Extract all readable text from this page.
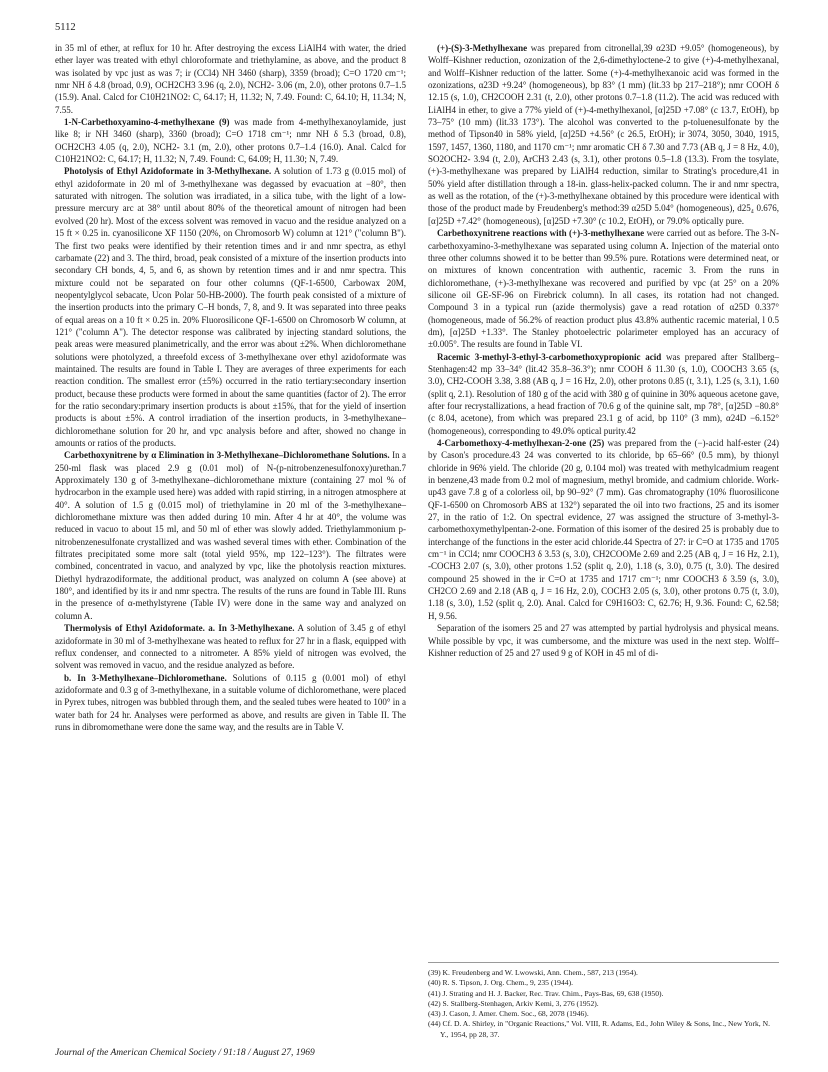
5112

in 35 ml of ether, at reflux for 10 hr. After destroying the excess LiAlH4 with water, the dried ether layer was treated with ethyl chloroformate and triethylamine, as above, and the product 8 was isolated by vpc just as was 7; ir (CCl4) NH 3460 (sharp), 3359 (broad); C=O 1720 cm⁻¹; nmr NH δ 4.8 (broad, 0.9), OCH2CH3 3.96 (q, 2.0), NCH2- 3.06 (m, 2.0), other protons 0.7–1.5 (15.9). Anal. Calcd for C10H21NO2: C, 64.17; H, 11.32; N, 7.49. Found: C, 64.10; H, 11.34; N, 7.55.

1-N-Carbethoxyamino-4-methylhexane (9) was made from 4-methylhexanoylamide, just like 8; ir NH 3460 (sharp), 3360 (broad); C=O 1718 cm⁻¹; nmr NH δ 5.3 (broad, 0.8), OCH2CH3 4.05 (q, 2.0), NCH2- 3.1 (m, 2.0), other protons 0.7–1.4 (16.0). Anal. Calcd for C10H21NO2: C, 64.17; H, 11.32; N, 7.49. Found: C, 64.09; H, 11.30; N, 7.49.

Photolysis of Ethyl Azidoformate in 3-Methylhexane. A solution of 1.73 g (0.015 mol) of ethyl azidoformate in 20 ml of 3-methylhexane was degassed by evacuation at −80°, then saturated with nitrogen. The solution was irradiated, in a silica tube, with the light of a low-pressure mercury arc at 38° until about 80% of the theoretical amount of nitrogen had been evolved (20 hr). Most of the excess solvent was removed in vacuo and the residue analyzed on a 15 ft × 0.25 in. cyanosilicone XF 1150 (20%, on Chromosorb W) column at 121° ("column B"). The first two peaks were identified by their retention times and ir and nmr spectra, as ethyl carbamate (22) and 3. The third, broad, peak consisted of a mixture of the insertion products into secondary CH bonds, 4, 5, and 6, as shown by retention times and ir and nmr spectra. This mixture could not be separated on four other columns (QF-1-6500, Carbowax 20M, neopentylglycol sebacate, Ucon Polar 50-HB-2000). The fourth peak consisted of a mixture of the insertion products into the primary C–H bonds, 7, 8, and 9. It was separated into three peaks of equal areas on a 10 ft × 0.25 in. 20% Fluorosilicone QF-1-6500 on Chromosorb W column, at 121° ("column A"). The detector response was calibrated by injecting standard solutions, the peak areas were measured planimetrically, and the error was about ±2%. When dichloromethane solutions were photolyzed, a threefold excess of 3-methylhexane over ethyl azidoformate was maintained. The results are found in Table I. They are averages of three experiments for each reaction condition. The smallest error (±5%) occurred in the ratio tertiary:secondary insertion product, because these products were formed in about the same quantities (factor of 2). The error for the ratio secondary:primary insertion products is about ±15%, that for the yield of insertion products is about ±5%. A control irradiation of the insertion products, in 3-methylhexane–dichloromethane solution for 20 hr, and vpc analysis before and after, showed no change in amounts or ratios of the products.

Carbethoxynitrene by α Elimination in 3-Methylhexane–Dichloromethane Solutions. In a 250-ml flask was placed 2.9 g (0.01 mol) of N-(p-nitrobenzenesulfonoxy)urethan.7 Approximately 130 g of 3-methylhexane–dichloromethane mixture (containing 27 mol % of hydrocarbon in the example used here) was added with rapid stirring, in a nitrogen atmosphere at 40°. A solution of 1.5 g (0.015 mol) of triethylamine in 20 ml of the 3-methylhexane–dichloromethane mixture was then added during 10 min. After 4 hr at 40°, the volume was reduced in vacuo to about 15 ml, and 50 ml of ether was slowly added. Triethylammonium p-nitrobenzenesulfonate crystallized and was washed several times with ether. Combination of the filtrates precipitated some more salt (total yield 95%, mp 122–123°). The filtrates were combined, concentrated in vacuo, and analyzed by vpc, like the photolysis reaction mixtures. Diethyl hydrazodiformate, the additional product, was analyzed on column A (see above) at 180°, and identified by its ir and nmr spectra. The results of the runs are found in Table III. Runs in the presence of α-methylstyrene (Table IV) were done in the same way and analyzed on column A.

Thermolysis of Ethyl Azidoformate. a. In 3-Methylhexane. A solution of 3.45 g of ethyl azidoformate in 30 ml of 3-methylhexane was heated to reflux for 27 hr in a flask, equipped with reflux condenser, and connected to a nitrometer. A 85% yield of nitrogen was evolved, the solvent was removed in vacuo, and the residue analyzed as before.

b. In 3-Methylhexane–Dichloromethane. Solutions of 0.115 g (0.001 mol) of ethyl azidoformate and 0.3 g of 3-methylhexane, in a suitable volume of dichloromethane, were placed in Pyrex tubes, nitrogen was bubbled through them, and the sealed tubes were heated to 100° in a water bath for 24 hr. Analyses were performed as above, and results are given in Table II. The runs in dibromomethane were done the same way, and the results are in Table V.

(+)-(S)-3-Methylhexane was prepared from citronellal,39 α23D +9.05° (homogeneous), by Wolff–Kishner reduction, ozonization of the 2,6-dimethyloctene-2 to give (+)-4-methylhexanal, and Wolff–Kishner reduction of the latter. Some (+)-4-methylhexanoic acid was formed in the ozonizations, α23D +9.24° (homogeneous), bp 83° (1 mm) (lit.33 bp 217–218°); nmr COOH δ 12.15 (s, 1.0), CH2COOH 2.31 (t, 2.0), other protons 0.7–1.8 (11.2). The acid was reduced with LiAlH4 in ether, to give a 77% yield of (+)-4-methylhexanol, [α]25D +7.08° (c 13.7, EtOH), bp 73–75° (10 mm) (lit.33 173°). The alcohol was converted to the p-toluenesulfonate by the method of Tipson40 in 58% yield, [α]25D +4.56° (c 26.5, EtOH); ir 3074, 3050, 3040, 1915, 1597, 1457, 1360, 1180, and 1170 cm⁻¹; nmr aromatic CH δ 7.30 and 7.73 (AB q, J = 8 Hz, 4.0), SO2OCH2- 3.94 (t, 2.0), ArCH3 2.43 (s, 3.1), other protons 0.5–1.8 (13.3). From the tosylate, (+)-3-methylhexane was prepared by LiAlH4 reduction, similar to Strating's procedure,41 in 50% yield after distillation through a 18-in. glass-helix-packed column. The ir and nmr spectra, as well as the rotation, of the (+)-3-methylhexane obtained by this procedure were identical with those of the product made by Freudenberg's method:39 α25D 5.04° (homogeneous), d25₄ 0.676, [α]25D +7.42° (homogeneous), [α]25D +7.30° (c 10.2, EtOH), or 79.0% optically pure.

Carbethoxynitrene reactions with (+)-3-methylhexane were carried out as before. The 3-N-carbethoxyamino-3-methylhexane was separated using column A. Injection of the material onto three other columns showed it to be better than 99.5% pure. Rotations were determined neat, or on mixtures of known concentration with authentic, racemic 3. From the runs in dichloromethane, (+)-3-methylhexane was recovered and purified by vpc (at 25° on a 20% silicone oil GE-SF-96 on Firebrick column). In all cases, its rotation had not changed. Compound 3 in a typical run (azide thermolysis) gave a read rotation of α25D 0.337° (homogeneous, made of 56.2% of reaction product plus 43.8% authentic racemic material, l 0.5 dm), [α]25D +1.33°. The Stanley photoelectric polarimeter employed has an accuracy of ±0.005°. The results are found in Table VI.

Racemic 3-methyl-3-ethyl-3-carbomethoxypropionic acid was prepared after Stallberg–Stenhagen:42 mp 33–34° (lit.42 35.8–36.3°); nmr COOH δ 11.30 (s, 1.0), COOCH3 3.65 (s, 3.0), CH2-COOH 3.38, 3.88 (AB q, J = 16 Hz, 2.0), other protons 0.85 (t, 3.1), 1.25 (s, 3.1), 1.60 (split q, 2.1). Resolution of 180 g of the acid with 380 g of quinine in 30% aqueous acetone gave, after four recrystallizations, a head fraction of 70.6 g of the quinine salt, mp 78°, [α]25D −80.8° (c 8.04, acetone), from which was prepared 23.1 g of acid, bp 110° (3 mm), α24D −6.152° (homogeneous), corresponding to 49.0% optical purity.42

4-Carbomethoxy-4-methylhexan-2-one (25) was prepared from the (−)-acid half-ester (24) by Cason's procedure.43 24 was converted to its chloride, bp 65–66° (0.5 mm), by thionyl chloride in 96% yield. The chloride (20 g, 0.104 mol) was treated with methylcadmium reagent in benzene,43 made from 0.2 mol of magnesium, methyl bromide, and cadmium chloride. Work-up43 gave 7.8 g of a colorless oil, bp 90–92° (7 mm). Gas chromatography (10% fluorosilicone QF-1-6500 on Chromosorb ABS at 132°) separated the oil into two fractions, 25 and its isomer 27, in the ratio of 1:2. On spectral evidence, 27 was assigned the structure of 3-methyl-3-carbomethoxymethylpentan-2-one. Formation of this isomer of the desired 25 is probably due to interchange of the functions in the ester acid chloride.44 Spectra of 27: ir C=O at 1735 and 1705 cm⁻¹ in CCl4; nmr COOCH3 δ 3.53 (s, 3.0), CH2COOMe 2.69 and 2.25 (AB q, J = 16 Hz, 2.1), -COCH3 2.07 (s, 3.0), other protons 1.52 (split q, 2.0), 1.18 (s, 3.0), 0.75 (t, 3.0). The desired compound 25 showed in the ir C=O at 1735 and 1717 cm⁻¹; nmr COOCH3 δ 3.59 (s, 3.0), CH2CO 2.69 and 2.18 (AB q, J = 16 Hz, 2.0), COCH3 2.05 (s, 3.0), other protons 0.75 (t, 3.0), 1.18 (s, 3.0), 1.52 (split q, 2.0). Anal. Calcd for C9H16O3: C, 62.76; H, 9.36. Found: C, 62.58; H, 9.56.

Separation of the isomers 25 and 27 was attempted by partial hydrolysis and physical means. While possible by vpc, it was cumbersome, and the mixture was used in the next step. Wolff–Kishner reduction of 25 and 27 used 9 g of KOH in 45 ml of di-

(39) K. Freudenberg and W. Lwowski, Ann. Chem., 587, 213 (1954).
(40) R. S. Tipson, J. Org. Chem., 9, 235 (1944).
(41) J. Strating and H. J. Backer, Rec. Trav. Chim., Pays-Bas, 69, 638 (1950).
(42) S. Stallberg-Stenhagen, Arkiv Kemi, 3, 276 (1952).
(43) J. Cason, J. Amer. Chem. Soc., 68, 2078 (1946).
(44) Cf. D. A. Shirley, in "Organic Reactions," Vol. VIII, R. Adams, Ed., John Wiley & Sons, Inc., New York, N. Y., 1954, pp 28, 37.
Journal of the American Chemical Society / 91:18 / August 27, 1969
